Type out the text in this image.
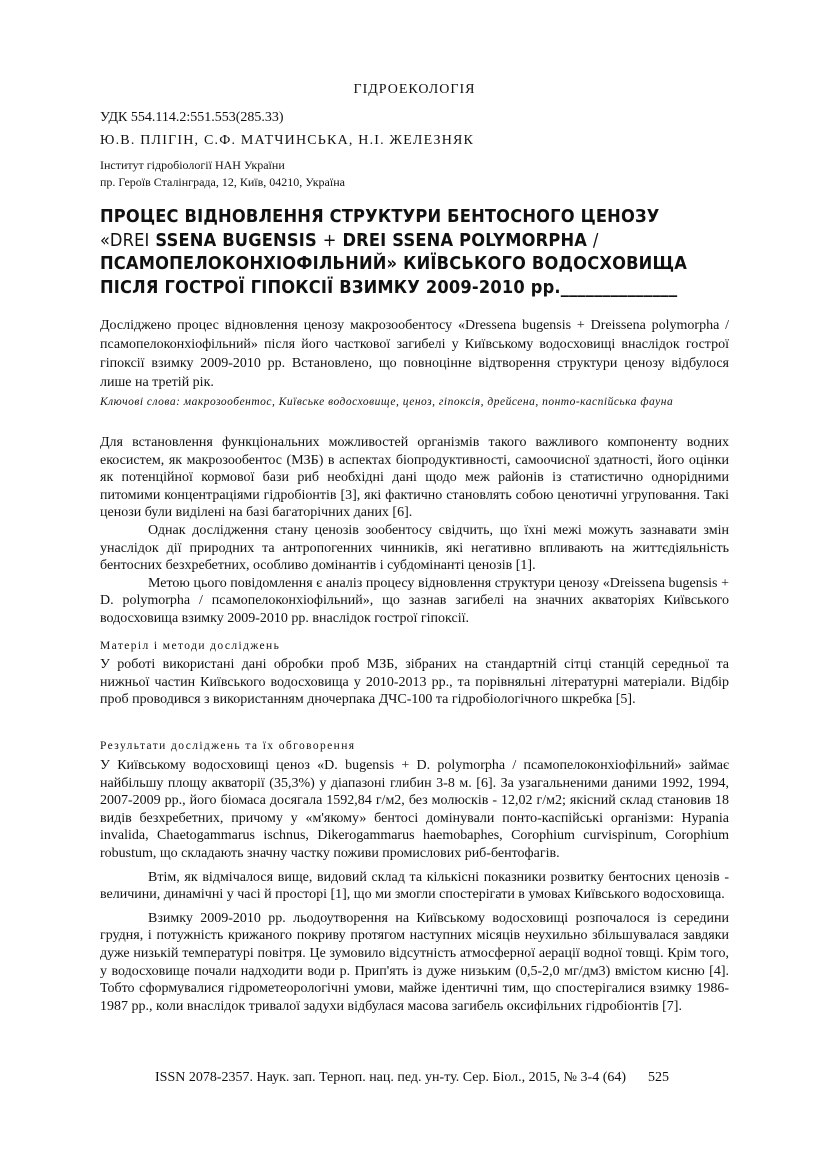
ГІДРОЕКОЛОГІЯ
УДК 554.114.2:551.553(285.33)
Ю.В. ПЛІГІН, С.Ф. МАТЧИНСЬКА, Н.І. ЖЕЛЕЗНЯК
Інститут гідробіології НАН України
пр. Героїв Сталінграда, 12, Київ, 04210, Україна
ПРОЦЕС ВІДНОВЛЕННЯ СТРУКТУРИ БЕНТОСНОГО ЦЕНОЗУ
«DREI SSENA BUGENSIS + DREI SSENA POLYMORPHA /
ПСАМОПЕЛОКОНХІОФІЛЬНИЙ» КИЇВСЬКОГО ВОДОСХОВИЩА
ПІСЛЯ ГОСТРОЇ ГІПОКСІЇ ВЗИМКУ 2009-2010 рр.______________
Досліджено процес відновлення ценозу макрозообентосу «Dressena bugensis + Dreissena polymorpha / псамопелоконхіофільний» після його часткової загибелі у Київському водосховищі внаслідок гострої гіпоксії взимку 2009-2010 рр. Встановлено, що повноцінне відтворення структури ценозу відбулося лише на третій рік.
Ключові слова: макрозообентос, Київське водосховище, ценоз, гіпоксія, дрейсена, понто-каспійська фауна

Для встановлення функціональних можливостей організмів такого важливого компоненту водних екосистем, як макрозообентос (МЗБ) в аспектах біопродуктивності, самоочисної здатності, його оцінки як потенційної кормової бази риб необхідні дані щодо меж районів із статистично однорідними питомими концентраціями гідробіонтів [3], які фактично становлять собою ценотичні угруповання. Такі ценози були виділені на базі багаторічних даних [6].

Однак дослідження стану ценозів зообентосу свідчить, що їхні межі можуть зазнавати змін унаслідок дії природних та антропогенних чинників, які негативно впливають на життєдіяльність бентосних безхребетних, особливо домінантів і субдомінанті ценозів [1].

Метою цього повідомлення є аналіз процесу відновлення структури ценозу «Dreissena bugensis + D. polymorpha / псамопелоконхіофільний», що зазнав загибелі на значних акваторіях Київського водосховища взимку 2009-2010 рр. внаслідок гострої гіпоксії.

Матеріл і методи досліджень

У роботі використані дані обробки проб МЗБ, зібраних на стандартній сітці станцій середньої та нижньої частин Київського водосховища у 2010-2013 рр., та порівняльні літературні матеріали. Відбір проб проводився з використанням дночерпака ДЧС-100 та гідробіологічного шкребка [5].

Результати досліджень та їх обговорення

У Київському водосховищі ценоз «D. bugensis + D. polymorpha / псамопелоконхіофільний» займає найбільшу площу акваторії (35,3%) у діапазоні глибин 3-8 м. [6]. За узагальненими даними 1992, 1994, 2007-2009 рр., його біомаса досягала 1592,84 г/м2, без молюсків - 12,02 г/м2; якісний склад становив 18 видів безхребетних, причому у «м'якому» бентосі домінували понто-каспійські організми: Hypania invalida, Chaetogammarus ischnus, Dikerogammarus haemobaphes, Corophium curvispinum, Corophium robustum, що складають значну частку поживи промислових риб-бентофагів.

Втім, як відмічалося вище, видовий склад та кількісні показники розвитку бентосних ценозів - величини, динамічні у часі й просторі [1], що ми змогли спостерігати в умовах Київського водосховища.

Взимку 2009-2010 рр. льодоутворення на Київському водосховищі розпочалося із середини грудня, і потужність крижаного покриву протягом наступних місяців неухильно збільшувалася завдяки дуже низькій температурі повітря. Це зумовило відсутність атмосферної аерації водної товщі. Крім того, у водосховище почали надходити води р. Прип'ять із дуже низьким (0,5-2,0 мг/дм3) вмістом кисню [4]. Тобто сформувалися гідрометеорологічні умови, майже ідентичні тим, що спостерігалися взимку 1986-1987 рр., коли внаслідок тривалої задухи відбулася масова загибель оксифільних гідробіонтів [7].

ISSN 2078-2357. Наук. зап. Терноп. нац. пед. ун-ту. Сер. Біол., 2015, № 3-4 (64) 525
